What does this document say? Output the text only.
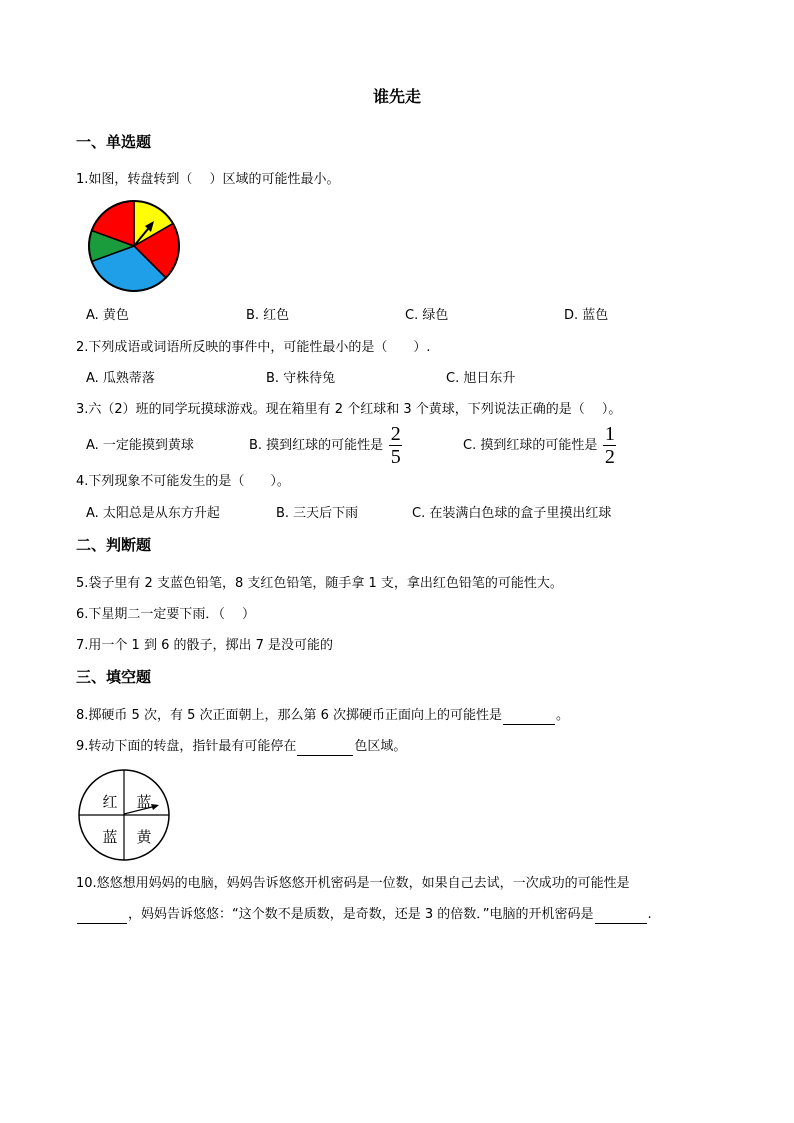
谁先走
一、单选题
1.如图，转盘转到（　 ）区域的可能性最小。
A. 黄色	B. 红色	C. 绿色	D. 蓝色
2.下列成语或词语所反映的事件中，可能性最小的是（　　）.
A. 瓜熟蒂落	B. 守株待兔	C. 旭日东升
3.六（2）班的同学玩摸球游戏。现在箱里有 2 个红球和 3 个黄球，下列说法正确的是（　 ）。
A. 一定能摸到黄球	B. 摸到红球的可能性是 $\frac{2}{5}$	C. 摸到红球的可能性是 $\frac{1}{2}$
4.下列现象不可能发生的是（　　）。
A. 太阳总是从东方升起	B. 三天后下雨	C. 在装满白色球的盒子里摸出红球
二、判断题
5.袋子里有 2 支蓝色铅笔，8 支红色铅笔，随手拿 1 支，拿出红色铅笔的可能性大。
6.下星期二一定要下雨．（　 ）
7.用一个 1 到 6 的骰子，掷出 7 是没可能的
三、填空题
8.掷硬币 5 次，有 5 次正面朝上，那么第 6 次掷硬币正面向上的可能性是	。
9.转动下面的转盘，指针最有可能停在	色区域。
红 蓝
蓝 黄
10.悠悠想用妈妈的电脑，妈妈告诉悠悠开机密码是一位数，如果自己去试，一次成功的可能性是
，妈妈告诉悠悠：“这个数不是质数，是奇数，还是 3 的倍数．”电脑的开机密码是	.
